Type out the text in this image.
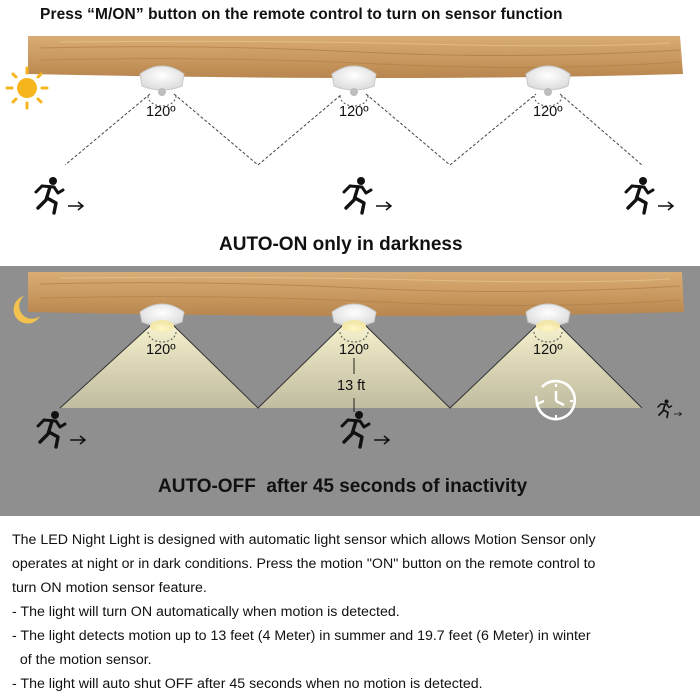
Press “M/ON” button on the remote control to turn on sensor function
120º	120º	120º
AUTO-ON only in darkness
120º	120º	120º
13 ft
AUTO-OFF  after 45 seconds of inactivity
The LED Night Light is designed with automatic light sensor which allows Motion Sensor only
operates at night or in dark conditions. Press the motion "ON" button on the remote control to
turn ON motion sensor feature.
- The light will turn ON automatically when motion is detected.
- The light detects motion up to 13 feet (4 Meter) in summer and 19.7 feet (6 Meter) in winter
of the motion sensor.
- The light will auto shut OFF after 45 seconds when no motion is detected.
